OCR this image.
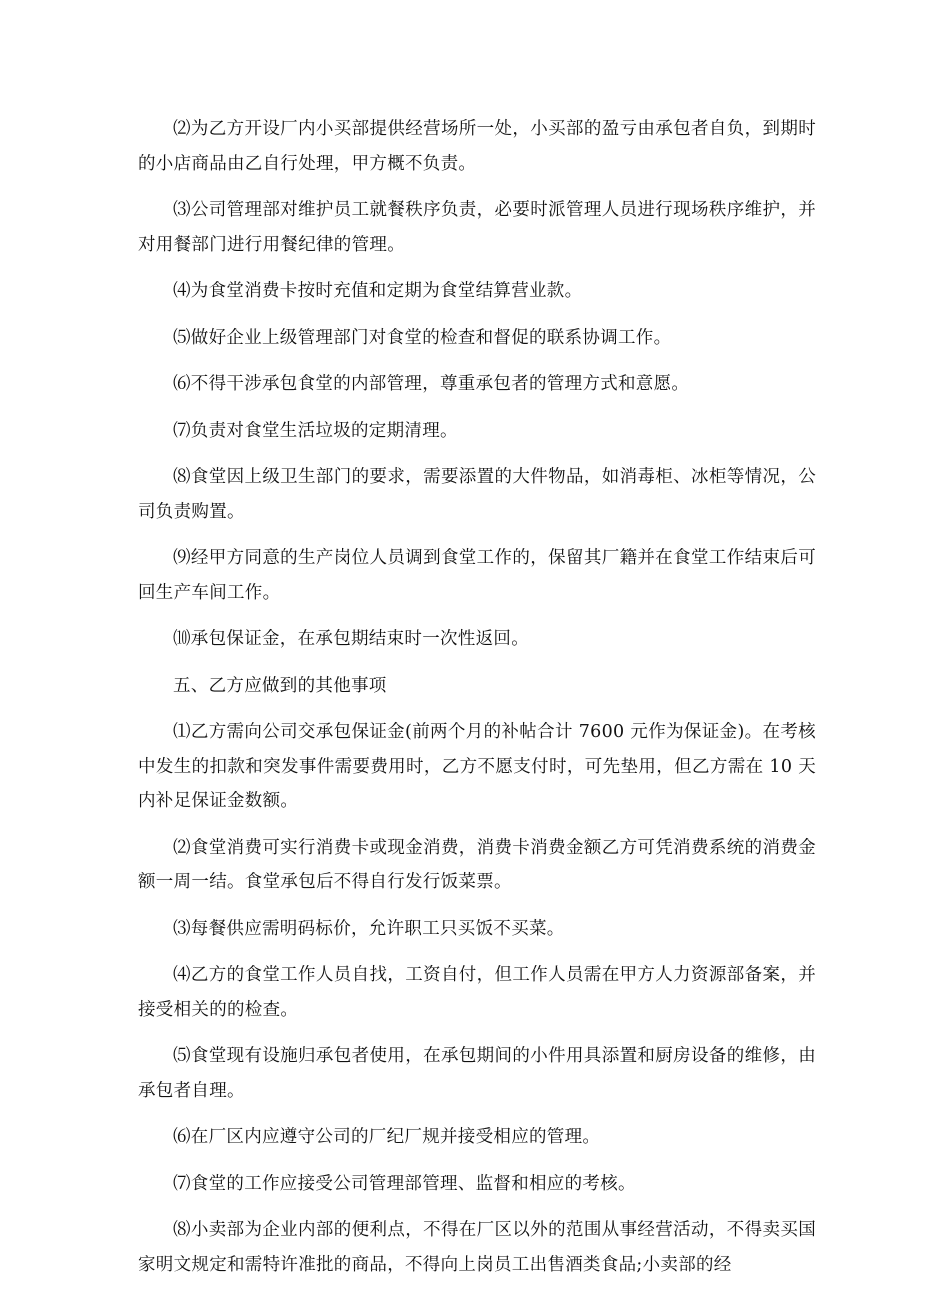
⑵为乙方开设厂内小买部提供经营场所一处，小买部的盈亏由承包者自负，到期时的小店商品由乙自行处理，甲方概不负责。

⑶公司管理部对维护员工就餐秩序负责，必要时派管理人员进行现场秩序维护，并对用餐部门进行用餐纪律的管理。

⑷为食堂消费卡按时充值和定期为食堂结算营业款。

⑸做好企业上级管理部门对食堂的检查和督促的联系协调工作。

⑹不得干涉承包食堂的内部管理，尊重承包者的管理方式和意愿。

⑺负责对食堂生活垃圾的定期清理。

⑻食堂因上级卫生部门的要求，需要添置的大件物品，如消毒柜、冰柜等情况，公司负责购置。

⑼经甲方同意的生产岗位人员调到食堂工作的，保留其厂籍并在食堂工作结束后可回生产车间工作。

⑽承包保证金，在承包期结束时一次性返回。

五、乙方应做到的其他事项

⑴乙方需向公司交承包保证金(前两个月的补帖合计 7600 元作为保证金)。在考核中发生的扣款和突发事件需要费用时，乙方不愿支付时，可先垫用，但乙方需在 10 天内补足保证金数额。

⑵食堂消费可实行消费卡或现金消费，消费卡消费金额乙方可凭消费系统的消费金额一周一结。食堂承包后不得自行发行饭菜票。

⑶每餐供应需明码标价，允许职工只买饭不买菜。

⑷乙方的食堂工作人员自找，工资自付，但工作人员需在甲方人力资源部备案，并接受相关的的检查。

⑸食堂现有设施归承包者使用，在承包期间的小件用具添置和厨房设备的维修，由承包者自理。

⑹在厂区内应遵守公司的厂纪厂规并接受相应的管理。

⑺食堂的工作应接受公司管理部管理、监督和相应的考核。

⑻小卖部为企业内部的便利点，不得在厂区以外的范围从事经营活动，不得卖买国家明文规定和需特许准批的商品，不得向上岗员工出售酒类食品;小卖部的经
